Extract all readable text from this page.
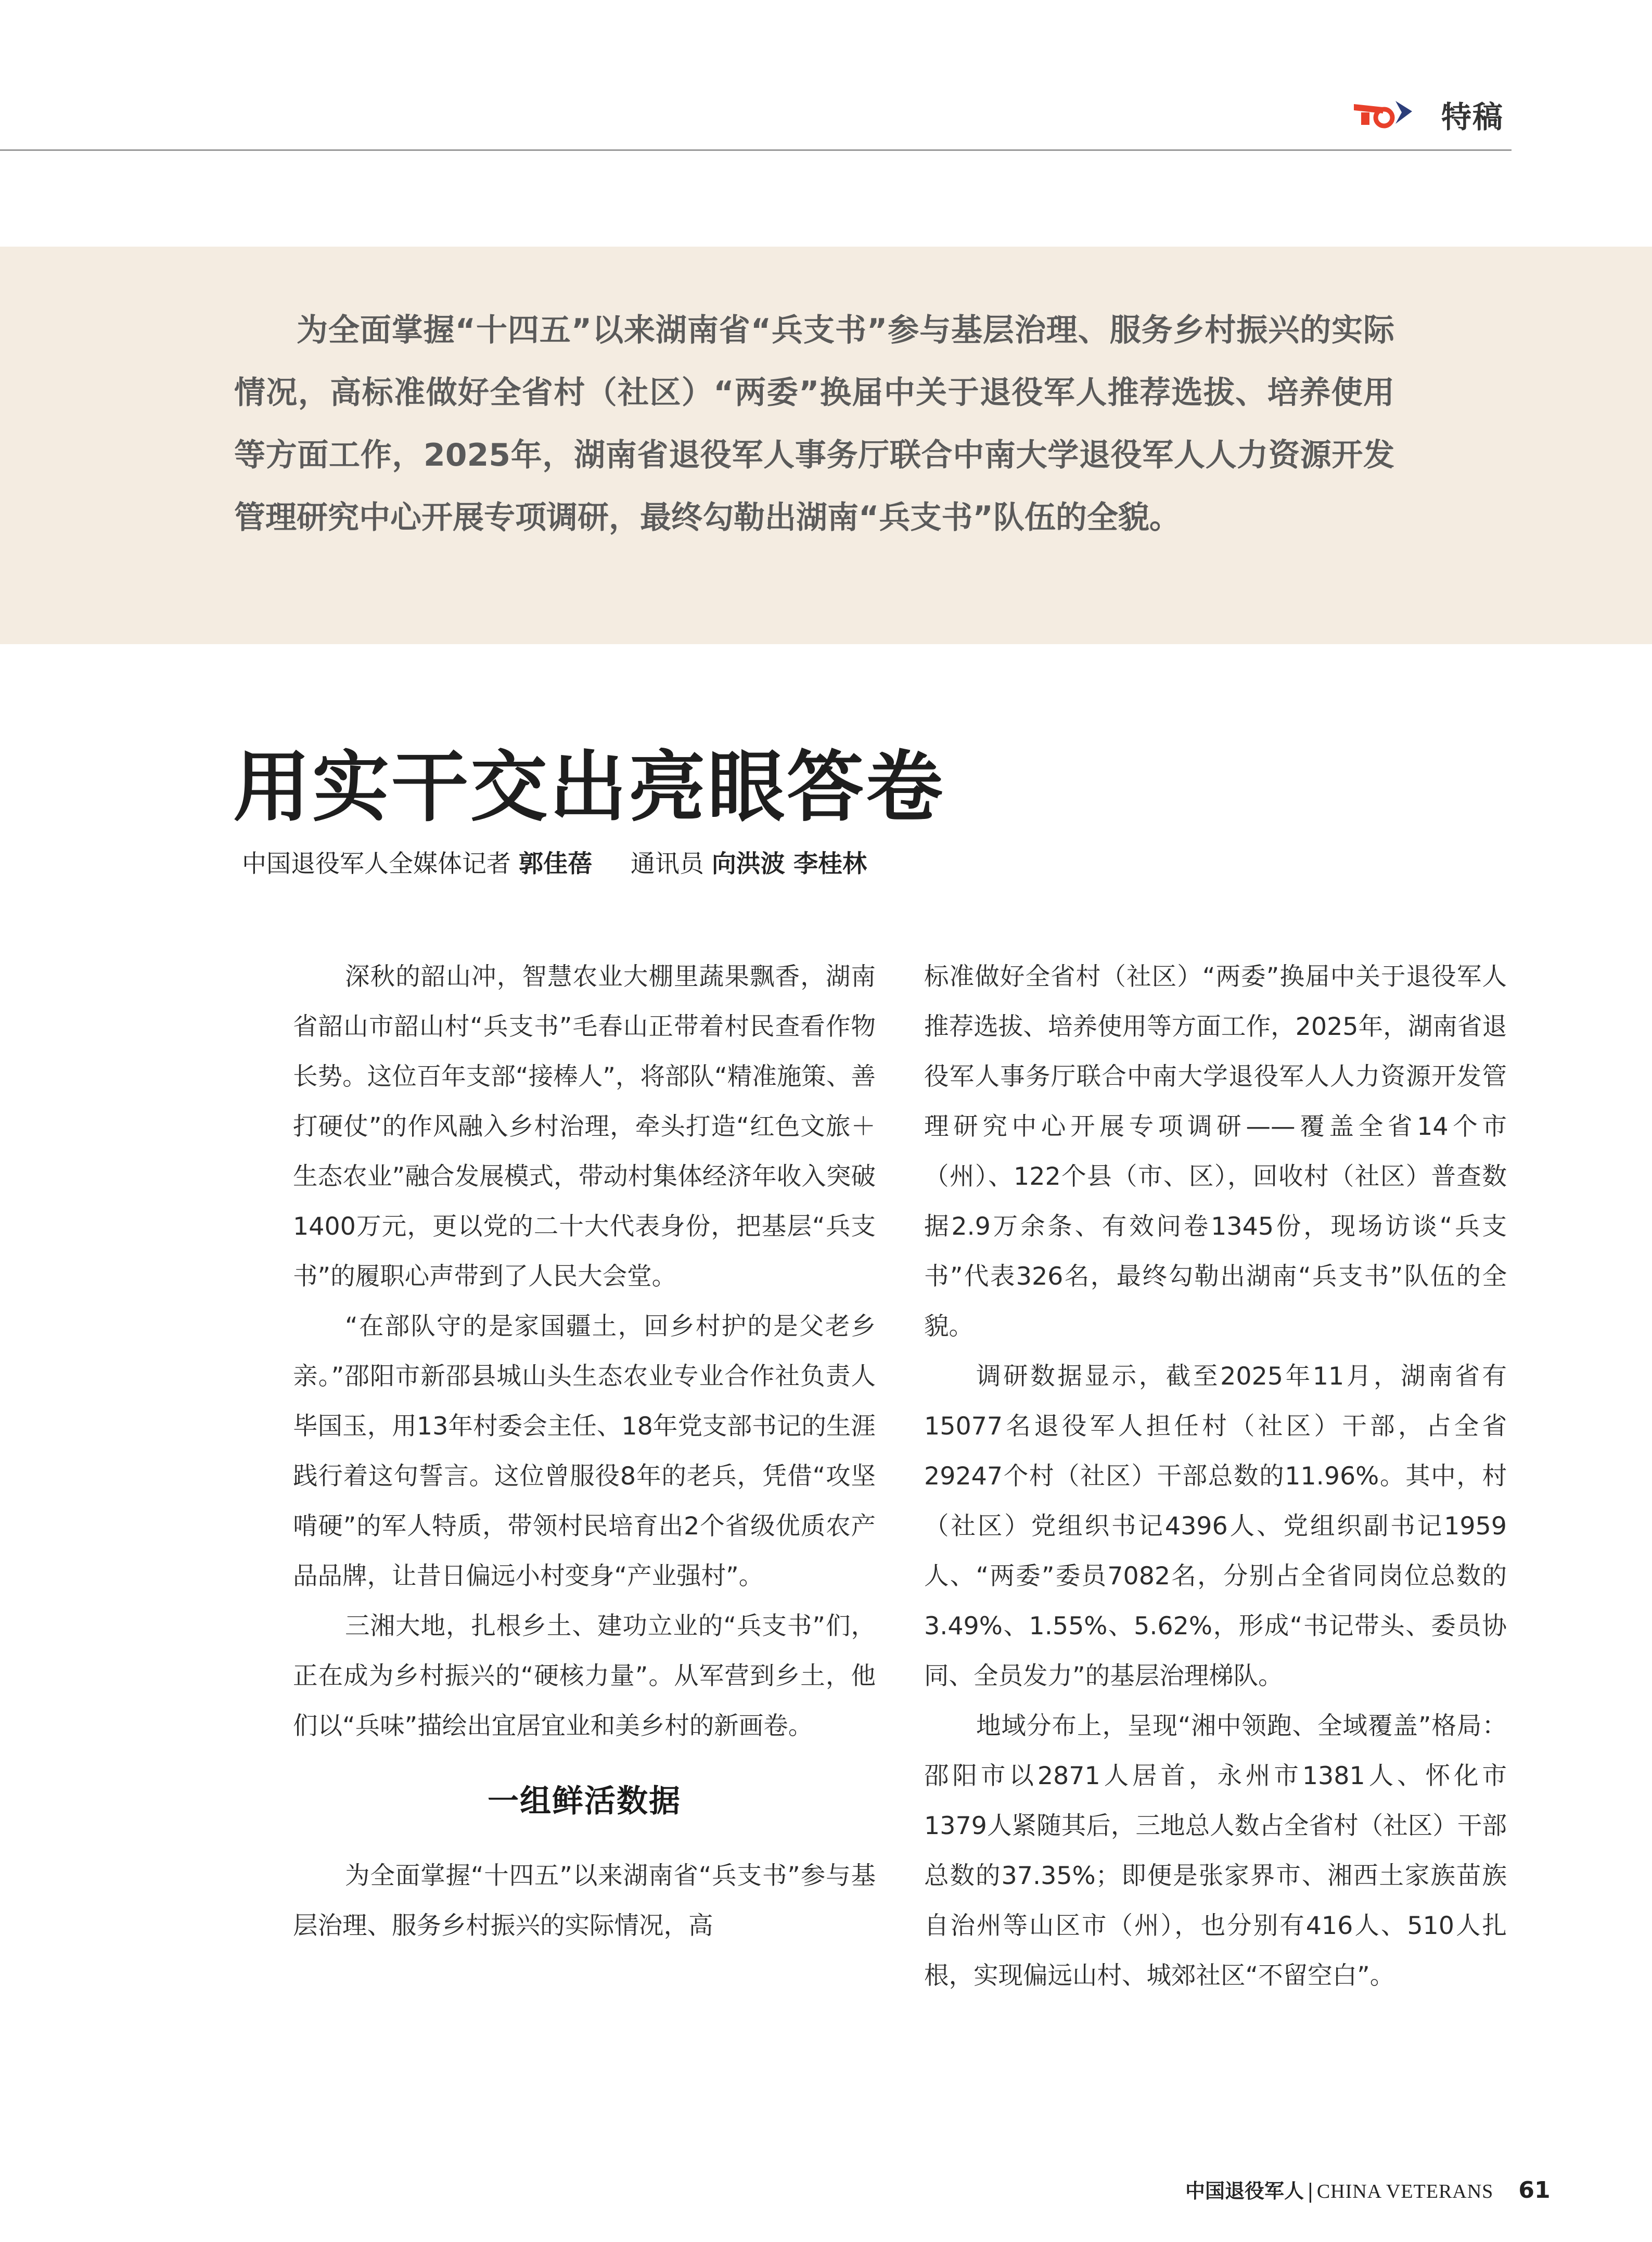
特稿

为全面掌握“十四五”以来湖南省“兵支书”参与基层治理、服务乡村振兴的实际情况，高标准做好全省村（社区）“两委”换届中关于退役军人推荐选拔、培养使用等方面工作，2025年，湖南省退役军人事务厅联合中南大学退役军人人力资源开发管理研究中心开展专项调研，最终勾勒出湖南“兵支书”队伍的全貌。

用实干交出亮眼答卷
中国退役军人全媒体记者 郭佳蓓 通讯员 向洪波 李桂林

深秋的韶山冲，智慧农业大棚里蔬果飘香，湖南省韶山市韶山村“兵支书”毛春山正带着村民查看作物长势。这位百年支部“接棒人”，将部队“精准施策、善打硬仗”的作风融入乡村治理，牵头打造“红色文旅＋生态农业”融合发展模式，带动村集体经济年收入突破1400万元，更以党的二十大代表身份，把基层“兵支书”的履职心声带到了人民大会堂。

“在部队守的是家国疆土，回乡村护的是父老乡亲。”邵阳市新邵县城山头生态农业专业合作社负责人毕国玉，用13年村委会主任、18年党支部书记的生涯践行着这句誓言。这位曾服役8年的老兵，凭借“攻坚啃硬”的军人特质，带领村民培育出2个省级优质农产品品牌，让昔日偏远小村变身“产业强村”。

三湘大地，扎根乡土、建功立业的“兵支书”们，正在成为乡村振兴的“硬核力量”。从军营到乡土，他们以“兵味”描绘出宜居宜业和美乡村的新画卷。

一组鲜活数据

为全面掌握“十四五”以来湖南省“兵支书”参与基层治理、服务乡村振兴的实际情况，高

标准做好全省村（社区）“两委”换届中关于退役军人推荐选拔、培养使用等方面工作，2025年，湖南省退役军人事务厅联合中南大学退役军人人力资源开发管理研究中心开展专项调研——覆盖全省14个市（州）、122个县（市、区），回收村（社区）普查数据2.9万余条、有效问卷1345份，现场访谈“兵支书”代表326名，最终勾勒出湖南“兵支书”队伍的全貌。

调研数据显示，截至2025年11月，湖南省有15077名退役军人担任村（社区）干部，占全省29247个村（社区）干部总数的11.96%。其中，村（社区）党组织书记4396人、党组织副书记1959人、“两委”委员7082名，分别占全省同岗位总数的3.49%、1.55%、5.62%，形成“书记带头、委员协同、全员发力”的基层治理梯队。

地域分布上，呈现“湘中领跑、全域覆盖”格局：邵阳市以2871人居首，永州市1381人、怀化市1379人紧随其后，三地总人数占全省村（社区）干部总数的37.35%；即便是张家界市、湘西土家族苗族自治州等山区市（州），也分别有416人、510人扎根，实现偏远山村、城郊社区“不留空白”。

中国退役军人 | CHINA VETERANS 61
